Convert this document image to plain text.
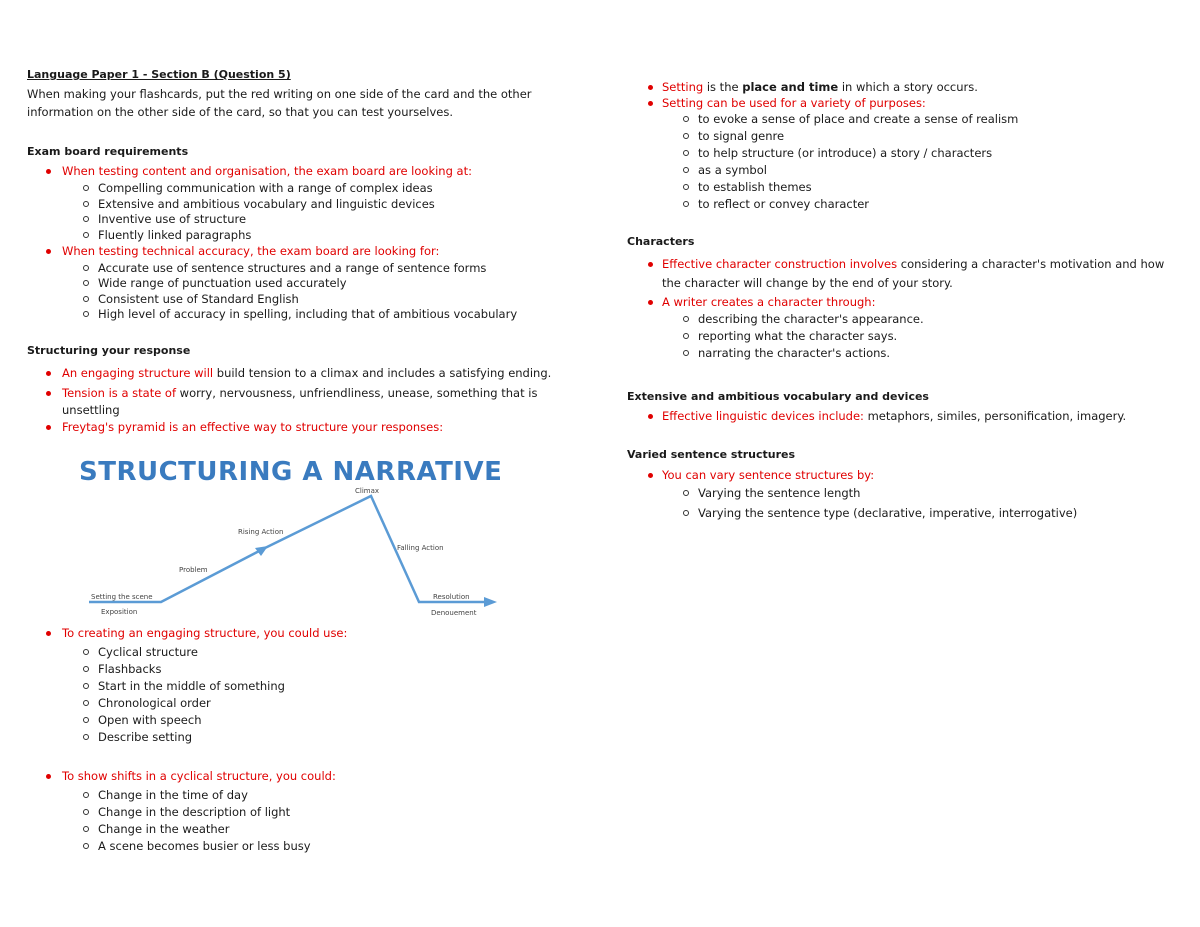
Language Paper 1 - Section B (Question 5)
When making your flashcards, put the red writing on one side of the card and the other
information on the other side of the card, so that you can test yourselves.
Exam board requirements
When testing content and organisation, the exam board are looking at:
Compelling communication with a range of complex ideas
Extensive and ambitious vocabulary and linguistic devices
Inventive use of structure
Fluently linked paragraphs
When testing technical accuracy, the exam board are looking for:
Accurate use of sentence structures and a range of sentence forms
Wide range of punctuation used accurately
Consistent use of Standard English
High level of accuracy in spelling, including that of ambitious vocabulary
Structuring your response
An engaging structure will build tension to a climax and includes a satisfying ending.
Tension is a state of worry, nervousness, unfriendliness, unease, something that is
unsettling
Freytag's pyramid is an effective way to structure your responses:
STRUCTURING A NARRATIVE
Climax
Rising Action
Falling Action
Problem
Setting the scene
Exposition
Resolution
Denouement
To creating an engaging structure, you could use:
Cyclical structure
Flashbacks
Start in the middle of something
Chronological order
Open with speech
Describe setting
To show shifts in a cyclical structure, you could:
Change in the time of day
Change in the description of light
Change in the weather
A scene becomes busier or less busy
Setting is the place and time in which a story occurs.
Setting can be used for a variety of purposes:
to evoke a sense of place and create a sense of realism
to signal genre
to help structure (or introduce) a story / characters
as a symbol
to establish themes
to reflect or convey character
Characters
Effective character construction involves considering a character's motivation and how
the character will change by the end of your story.
A writer creates a character through:
describing the character's appearance.
reporting what the character says.
narrating the character's actions.
Extensive and ambitious vocabulary and devices
Effective linguistic devices include: metaphors, similes, personification, imagery.
Varied sentence structures
You can vary sentence structures by:
Varying the sentence length
Varying the sentence type (declarative, imperative, interrogative)
